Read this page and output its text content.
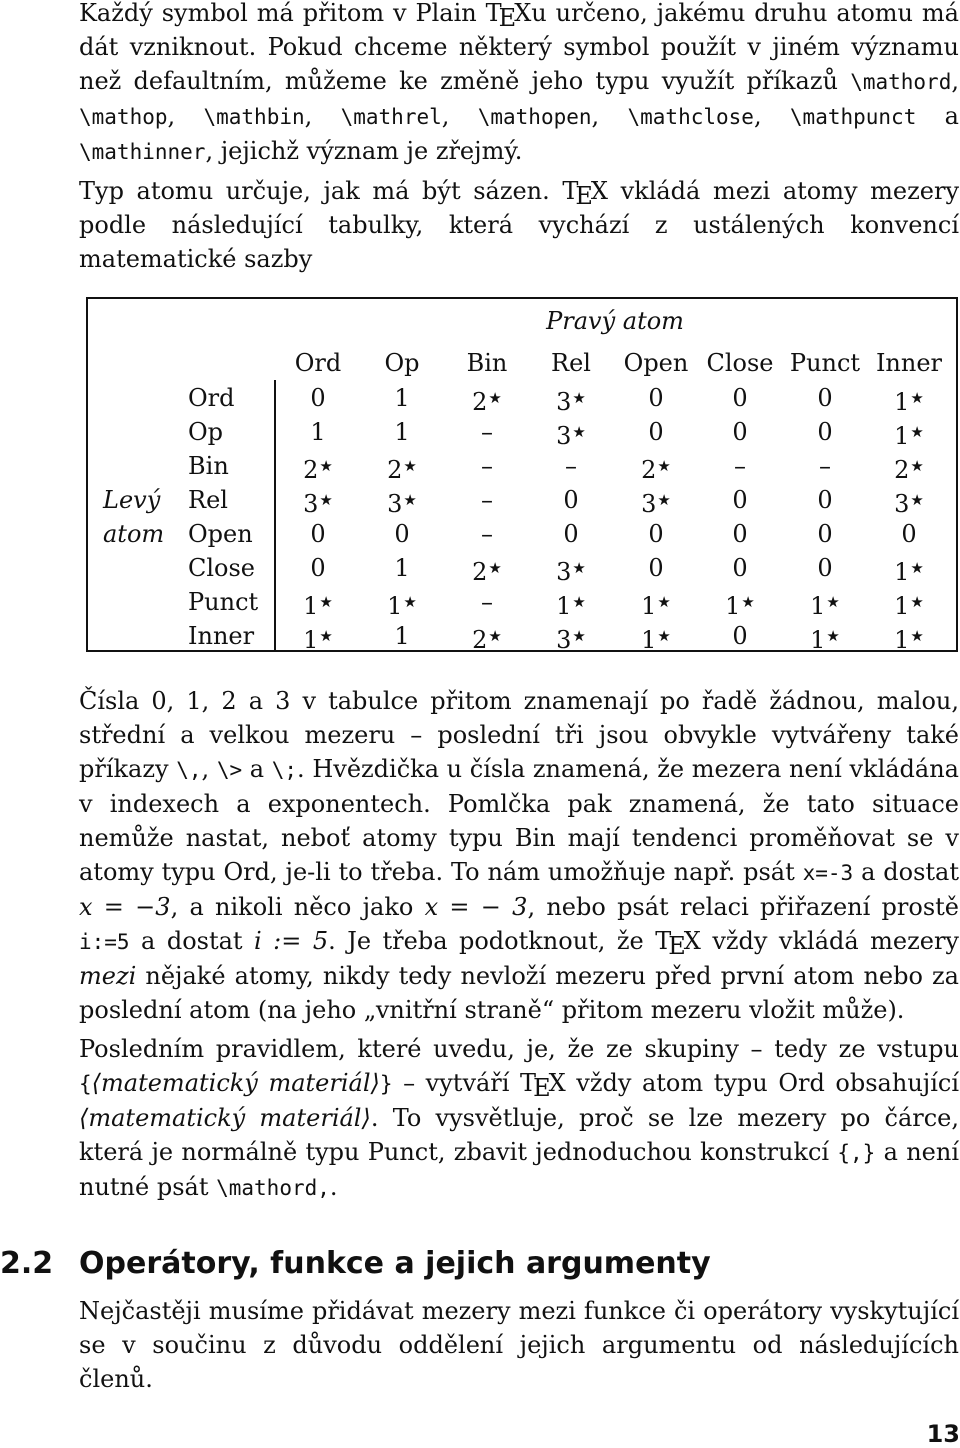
Každý symbol má přitom v Plain TEXu určeno, jakému druhu atomu má dát vzniknout. Pokud chceme některý symbol použít v jiném významu než defaultním, můžeme ke změně jeho typu využít příkazů \mathord, \mathop, \mathbin, \mathrel, \mathopen, \mathclose, \mathpunct a \mathinner, jejichž význam je zřejmý.

Typ atomu určuje, jak má být sázen. TEX vkládá mezi atomy mezery podle následující tabulky, která vychází z ustálených konvencí matematické sazby

Pravý atom
Levý
atom
Ord	Op	Bin	Rel	Open Close Punct Inner
Ord	0	1	2★	3★	0	0	0	1★
Op	1	1	–	3★	0	0	0	1★
Bin	2★	2★	–	–	2★	–	–	2★
Rel	3★	3★	–	0	3★	0	0	3★
Open	0	0	–	0	0	0	0	0
Close	0	1	2★	3★	0	0	0	1★
Punct	1★	1★	–	1★	1★	1★	1★	1★
Inner	1★	1	2★	3★	1★	0	1★	1★

Čísla 0, 1, 2 a 3 v tabulce přitom znamenají po řadě žádnou, malou, střední a velkou mezeru – poslední tři jsou obvykle vytvářeny také příkazy \,, \> a \;. Hvězdička u čísla znamená, že mezera není vkládána v indexech a exponentech. Pomlčka pak znamená, že tato situace nemůže nastat, neboť atomy typu Bin mají tendenci proměňovat se v atomy typu Ord, je-li to třeba. To nám umožňuje např. psát x=-3 a dostat x = −3, a nikoli něco jako x = − 3, nebo psát relaci přiřazení prostě i:=5 a dostat i := 5. Je třeba podotknout, že TEX vždy vkládá mezery mezi nějaké atomy, nikdy tedy nevloží mezeru před první atom nebo za poslední atom (na jeho „vnitřní straně“ přitom mezeru vložit může).

Posledním pravidlem, které uvedu, je, že ze skupiny – tedy ze vstupu {⟨matematický materiál⟩} – vytváří TEX vždy atom typu Ord obsahující ⟨matematický materiál⟩. To vysvětluje, proč se lze mezery po čárce, která je normálně typu Punct, zbavit jednoduchou konstrukcí {,} a není nutné psát \mathord,.

2.2 Operátory, funkce a jejich argumenty

Nejčastěji musíme přidávat mezery mezi funkce či operátory vyskytující se v součinu z důvodu oddělení jejich argumentu od následujících členů.

13
